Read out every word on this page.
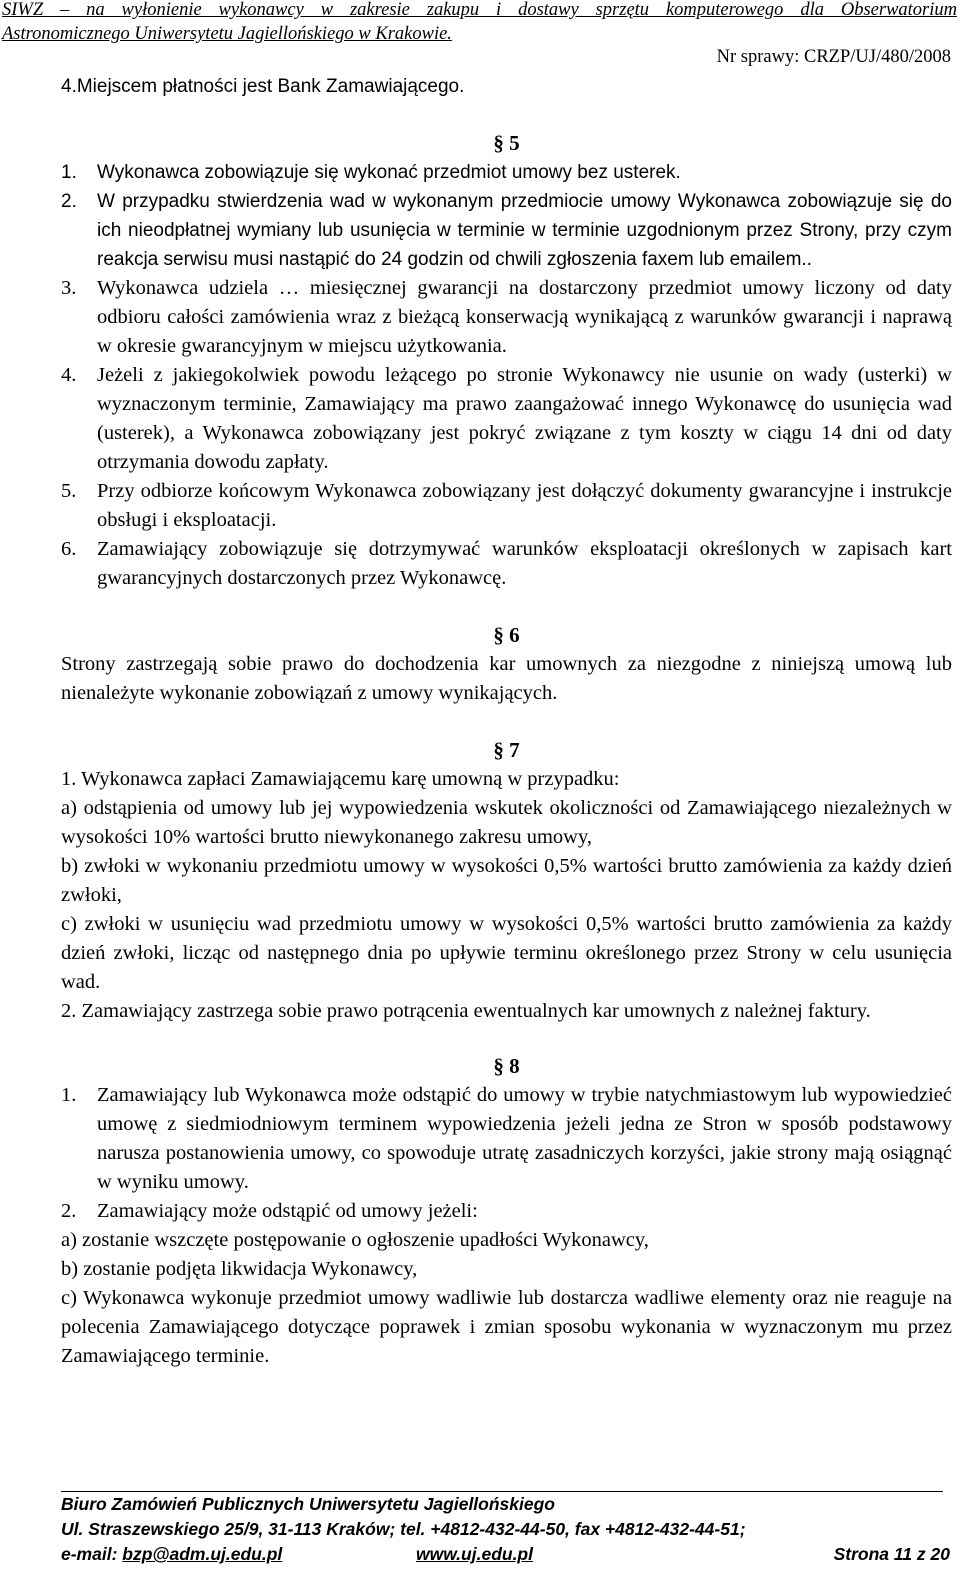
SIWZ – na wyłonienie wykonawcy w zakresie zakupu i dostawy sprzętu komputerowego dla Obserwatorium
Astronomicznego Uniwersytetu Jagiellońskiego w Krakowie.
Nr sprawy: CRZP/UJ/480/2008

4.Miejscem płatności jest Bank Zamawiającego.

§ 5

1.	Wykonawca zobowiązuje się wykonać przedmiot umowy bez usterek.
2.	W przypadku stwierdzenia wad w wykonanym przedmiocie umowy Wykonawca zobowiązuje się do ich nieodpłatnej wymiany lub usunięcia w terminie w terminie uzgodnionym przez Strony, przy czym reakcja serwisu musi nastąpić do 24 godzin od chwili zgłoszenia faxem lub emailem..
3.	Wykonawca udziela … miesięcznej gwarancji na dostarczony przedmiot umowy liczony od daty odbioru całości zamówienia wraz z bieżącą konserwacją wynikającą z warunków gwarancji i naprawą w okresie gwarancyjnym w miejscu użytkowania.
4.	Jeżeli z jakiegokolwiek powodu leżącego po stronie Wykonawcy nie usunie on wady (usterki) w wyznaczonym terminie, Zamawiający ma prawo zaangażować innego Wykonawcę do usunięcia wad (usterek), a Wykonawca zobowiązany jest pokryć związane z tym koszty w ciągu 14 dni od daty otrzymania dowodu zapłaty.
5.	Przy odbiorze końcowym Wykonawca zobowiązany jest dołączyć dokumenty gwarancyjne i instrukcje obsługi i eksploatacji.
6.	Zamawiający zobowiązuje się dotrzymywać warunków eksploatacji określonych w zapisach kart gwarancyjnych dostarczonych przez Wykonawcę.

§ 6

Strony zastrzegają sobie prawo do dochodzenia kar umownych za niezgodne z niniejszą umową lub nienależyte wykonanie zobowiązań z umowy wynikających.

§ 7

1. Wykonawca zapłaci Zamawiającemu karę umowną w przypadku:

a) odstąpienia od umowy lub jej wypowiedzenia wskutek okoliczności od Zamawiającego niezależnych w wysokości 10% wartości brutto niewykonanego zakresu umowy,

b) zwłoki w wykonaniu przedmiotu umowy w wysokości 0,5% wartości brutto zamówienia za każdy dzień zwłoki,

c) zwłoki w usunięciu wad przedmiotu umowy w wysokości 0,5% wartości brutto zamówienia za każdy dzień zwłoki, licząc od następnego dnia po upływie terminu określonego przez Strony w celu usunięcia wad.

2. Zamawiający zastrzega sobie prawo potrącenia ewentualnych kar umownych z należnej faktury.

§ 8

1.	Zamawiający lub Wykonawca może odstąpić do umowy w trybie natychmiastowym lub wypowiedzieć umowę z siedmiodniowym terminem wypowiedzenia jeżeli jedna ze Stron w sposób podstawowy narusza postanowienia umowy, co spowoduje utratę zasadniczych korzyści, jakie strony mają osiągnąć w wyniku umowy.
2.	Zamawiający może odstąpić od umowy jeżeli:

a) zostanie wszczęte postępowanie o ogłoszenie upadłości Wykonawcy,

b) zostanie podjęta likwidacja Wykonawcy,

c) Wykonawca wykonuje przedmiot umowy wadliwie lub dostarcza wadliwe elementy oraz nie reaguje na polecenia Zamawiającego dotyczące poprawek i zmian sposobu wykonania w wyznaczonym mu przez Zamawiającego terminie.

Biuro Zamówień Publicznych Uniwersytetu Jagiellońskiego
Ul. Straszewskiego 25/9, 31-113 Kraków; tel. +4812-432-44-50, fax +4812-432-44-51;
e-mail: bzp@adm.uj.edu.pl	www.uj.edu.pl	Strona 11 z 20
